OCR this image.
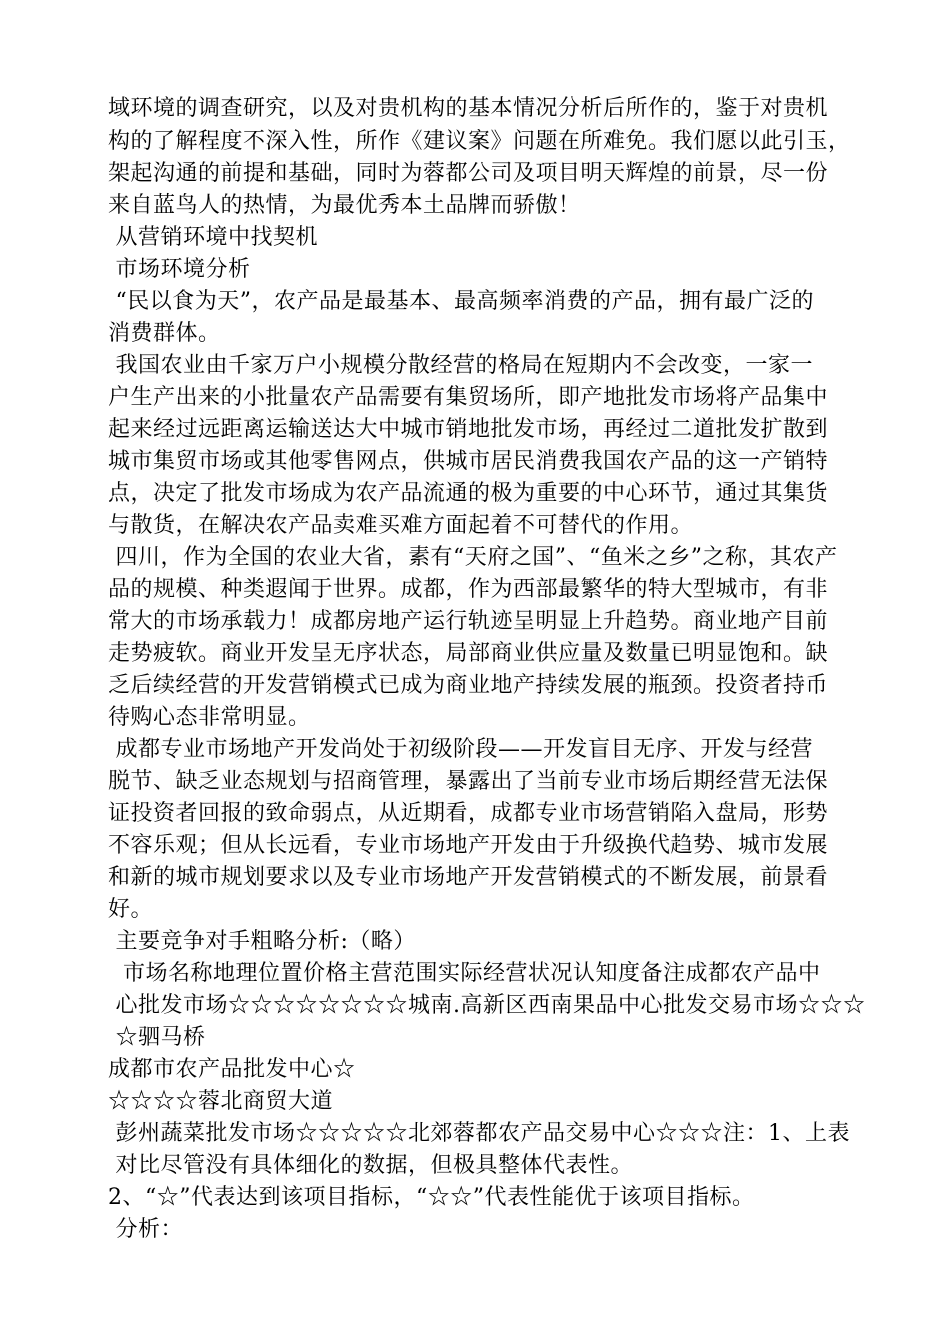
域环境的调查研究，以及对贵机构的基本情况分析后所作的，鉴于对贵机

构的了解程度不深入性，所作《建议案》问题在所难免。我们愿以此引玉，

架起沟通的前提和基础，同时为蓉都公司及项目明天辉煌的前景，尽一份

来自蓝鸟人的热情，为最优秀本土品牌而骄傲！

从营销环境中找契机

市场环境分析

“民以食为天”，农产品是最基本、最高频率消费的产品，拥有最广泛的

消费群体。

我国农业由千家万户小规模分散经营的格局在短期内不会改变，一家一

户生产出来的小批量农产品需要有集贸场所，即产地批发市场将产品集中

起来经过远距离运输送达大中城市销地批发市场，再经过二道批发扩散到

城市集贸市场或其他零售网点，供城市居民消费我国农产品的这一产销特

点，决定了批发市场成为农产品流通的极为重要的中心环节，通过其集货

与散货，在解决农产品卖难买难方面起着不可替代的作用。

四川，作为全国的农业大省，素有“天府之国”、“鱼米之乡”之称，其农产

品的规模、种类遐闻于世界。成都，作为西部最繁华的特大型城市，有非

常大的市场承载力！成都房地产运行轨迹呈明显上升趋势。商业地产目前

走势疲软。商业开发呈无序状态，局部商业供应量及数量已明显饱和。缺

乏后续经营的开发营销模式已成为商业地产持续发展的瓶颈。投资者持币

待购心态非常明显。

成都专业市场地产开发尚处于初级阶段——开发盲目无序、开发与经营

脱节、缺乏业态规划与招商管理，暴露出了当前专业市场后期经营无法保

证投资者回报的致命弱点，从近期看，成都专业市场营销陷入盘局，形势

不容乐观；但从长远看，专业市场地产开发由于升级换代趋势、城市发展

和新的城市规划要求以及专业市场地产开发营销模式的不断发展，前景看

好。

主要竞争对手粗略分析:（略）

市场名称地理位置价格主营范围实际经营状况认知度备注成都农产品中

心批发市场☆☆☆☆☆☆☆☆城南.高新区西南果品中心批发交易市场☆☆☆

☆驷马桥

成都市农产品批发中心☆

☆☆☆☆蓉北商贸大道

彭州蔬菜批发市场☆☆☆☆☆北郊蓉都农产品交易中心☆☆☆注：1、上表

对比尽管没有具体细化的数据，但极具整体代表性。

2、“☆”代表达到该项目指标，“☆☆”代表性能优于该项目指标。

分析：
